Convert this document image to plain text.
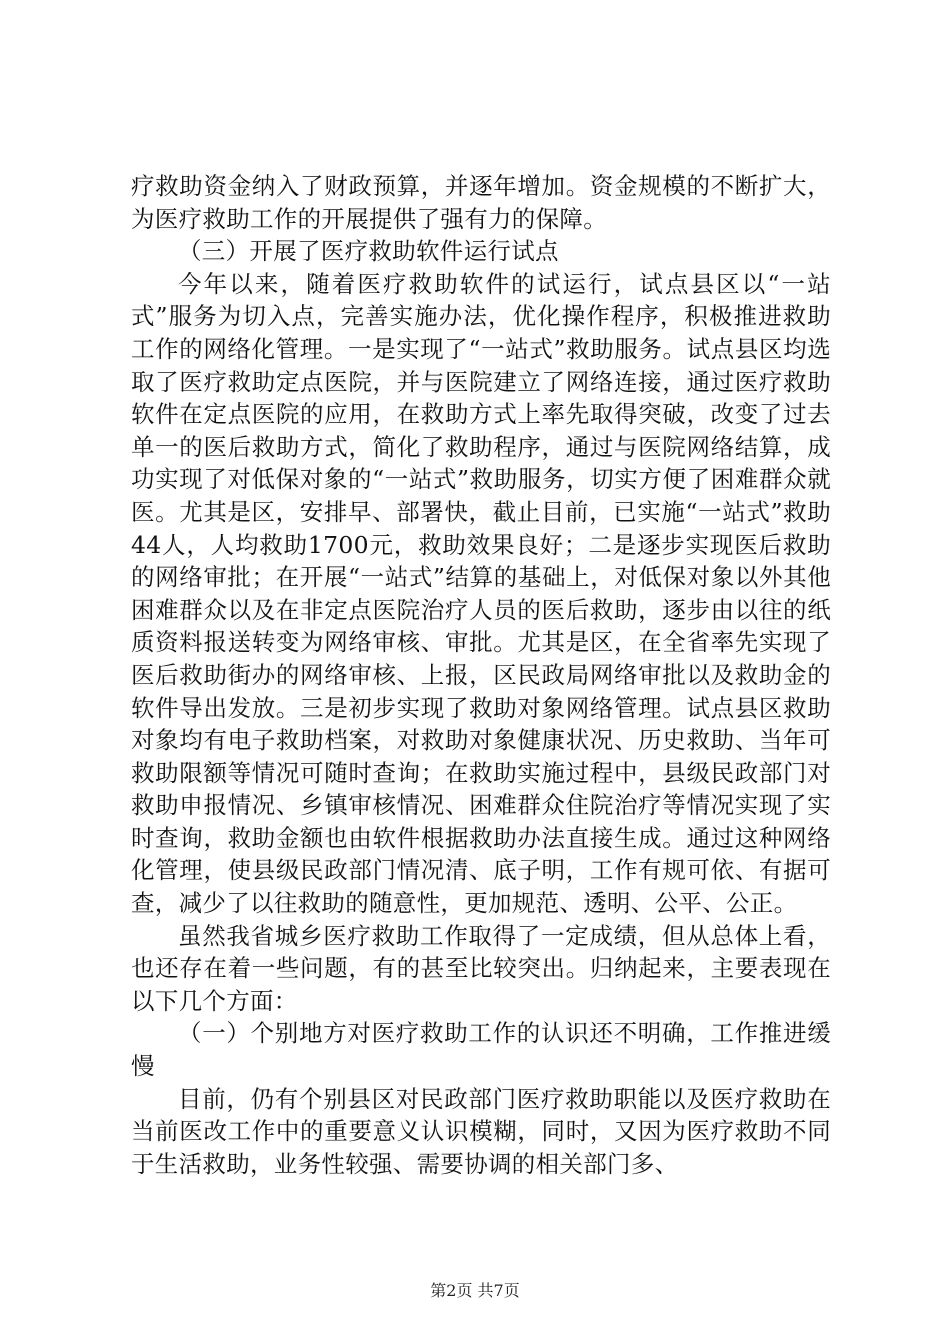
疗救助资金纳入了财政预算，并逐年增加。资金规模的不断扩大，为医疗救助工作的开展提供了强有力的保障。

（三）开展了医疗救助软件运行试点

今年以来，随着医疗救助软件的试运行，试点县区以“一站式”服务为切入点，完善实施办法，优化操作程序，积极推进救助工作的网络化管理。一是实现了“一站式”救助服务。试点县区均选取了医疗救助定点医院，并与医院建立了网络连接，通过医疗救助软件在定点医院的应用，在救助方式上率先取得突破，改变了过去单一的医后救助方式，简化了救助程序，通过与医院网络结算，成功实现了对低保对象的“一站式”救助服务，切实方便了困难群众就医。尤其是区，安排早、部署快，截止目前，已实施“一站式”救助44人，人均救助1700元，救助效果良好；二是逐步实现医后救助的网络审批；在开展“一站式”结算的基础上，对低保对象以外其他困难群众以及在非定点医院治疗人员的医后救助，逐步由以往的纸质资料报送转变为网络审核、审批。尤其是区，在全省率先实现了医后救助街办的网络审核、上报，区民政局网络审批以及救助金的软件导出发放。三是初步实现了救助对象网络管理。试点县区救助对象均有电子救助档案，对救助对象健康状况、历史救助、当年可救助限额等情况可随时查询；在救助实施过程中，县级民政部门对救助申报情况、乡镇审核情况、困难群众住院治疗等情况实现了实时查询，救助金额也由软件根据救助办法直接生成。通过这种网络化管理，使县级民政部门情况清、底子明，工作有规可依、有据可查，减少了以往救助的随意性，更加规范、透明、公平、公正。

虽然我省城乡医疗救助工作取得了一定成绩，但从总体上看，也还存在着一些问题，有的甚至比较突出。归纳起来，主要表现在以下几个方面：

（一）个别地方对医疗救助工作的认识还不明确，工作推进缓慢

目前，仍有个别县区对民政部门医疗救助职能以及医疗救助在当前医改工作中的重要意义认识模糊，同时，又因为医疗救助不同于生活救助，业务性较强、需要协调的相关部门多、

第2页 共7页
